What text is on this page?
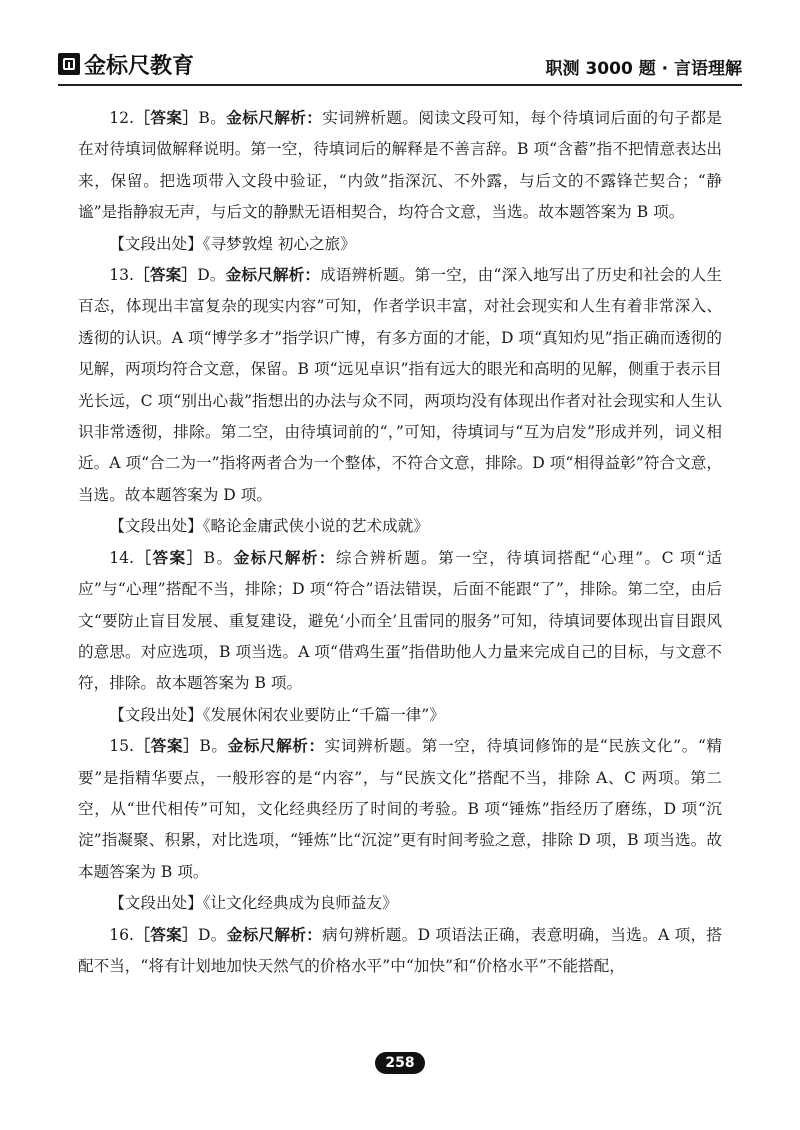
金标尺教育	职测 3000 题 · 言语理解

12.［答案］B。金标尺解析：实词辨析题。阅读文段可知，每个待填词后面的句子都是在对待填词做解释说明。第一空，待填词后的解释是不善言辞。B 项“含蓄”指不把情意表达出来，保留。把选项带入文段中验证，“内敛”指深沉、不外露，与后文的不露锋芒契合；“静谧”是指静寂无声，与后文的静默无语相契合，均符合文意，当选。故本题答案为 B 项。

【文段出处】《寻梦敦煌 初心之旅》

13.［答案］D。金标尺解析：成语辨析题。第一空，由“深入地写出了历史和社会的人生百态，体现出丰富复杂的现实内容”可知，作者学识丰富，对社会现实和人生有着非常深入、透彻的认识。A 项“博学多才”指学识广博，有多方面的才能，D 项“真知灼见”指正确而透彻的见解，两项均符合文意，保留。B 项“远见卓识”指有远大的眼光和高明的见解，侧重于表示目光长远，C 项“别出心裁”指想出的办法与众不同，两项均没有体现出作者对社会现实和人生认识非常透彻，排除。第二空，由待填词前的“，”可知，待填词与“互为启发”形成并列，词义相近。A 项“合二为一”指将两者合为一个整体，不符合文意，排除。D 项“相得益彰”符合文意，当选。故本题答案为 D 项。

【文段出处】《略论金庸武侠小说的艺术成就》

14.［答案］B。金标尺解析：综合辨析题。第一空，待填词搭配“心理”。C 项“适应”与“心理”搭配不当，排除；D 项“符合”语法错误，后面不能跟“了”，排除。第二空，由后文“要防止盲目发展、重复建设，避免‘小而全’且雷同的服务”可知，待填词要体现出盲目跟风的意思。对应选项，B 项当选。A 项“借鸡生蛋”指借助他人力量来完成自己的目标，与文意不符，排除。故本题答案为 B 项。

【文段出处】《发展休闲农业要防止“千篇一律”》

15.［答案］B。金标尺解析：实词辨析题。第一空，待填词修饰的是“民族文化”。“精要”是指精华要点，一般形容的是“内容”，与“民族文化”搭配不当，排除 A、C 两项。第二空，从“世代相传”可知，文化经典经历了时间的考验。B 项“锤炼”指经历了磨练，D 项“沉淀”指凝聚、积累，对比选项，“锤炼”比“沉淀”更有时间考验之意，排除 D 项，B 项当选。故本题答案为 B 项。

【文段出处】《让文化经典成为良师益友》

16.［答案］D。金标尺解析：病句辨析题。D 项语法正确，表意明确，当选。A 项，搭配不当，“将有计划地加快天然气的价格水平”中“加快”和“价格水平”不能搭配，

258
